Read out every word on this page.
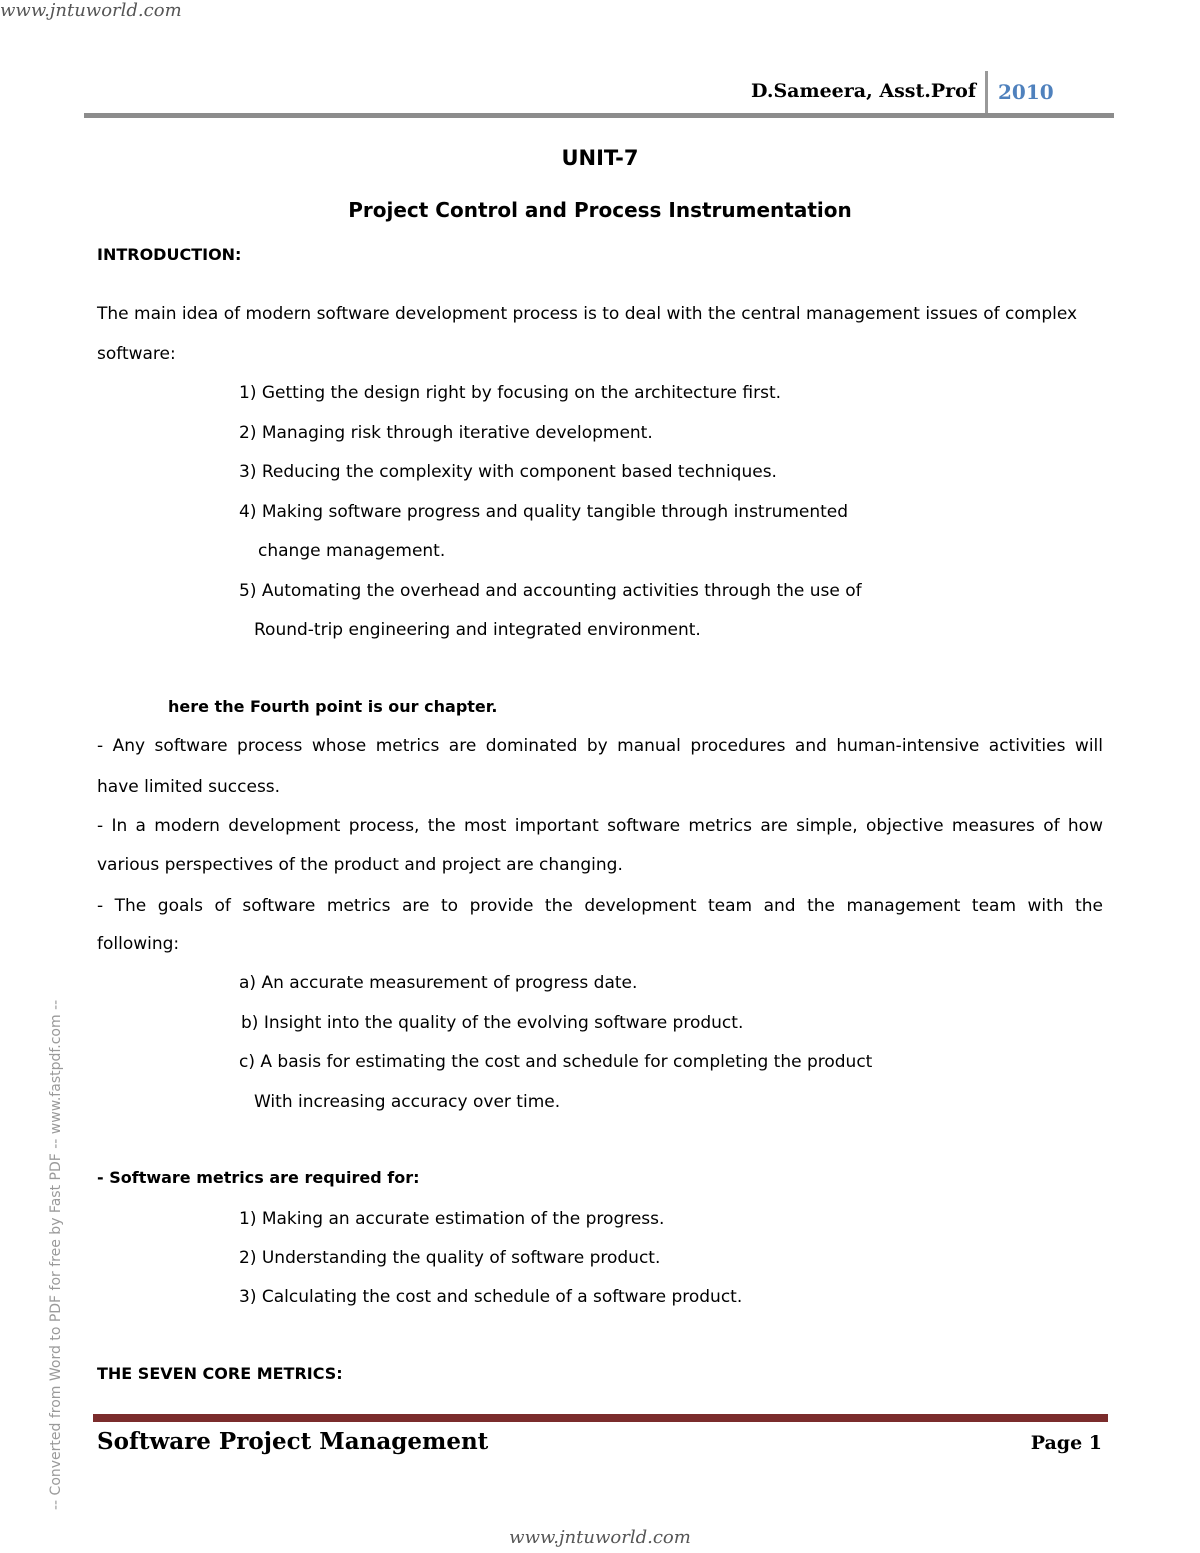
www.jntuworld.com
-- Converted from Word to PDF for free by Fast PDF -- www.fastpdf.com --
D.Sameera, Asst.Prof 2010
UNIT-7
Project Control and Process Instrumentation
INTRODUCTION:
The main idea of modern software development process is to deal with the central management issues of complex
software:
1) Getting the design right by focusing on the architecture first.
2) Managing risk through iterative development.
3) Reducing the complexity with component based techniques.
4) Making software progress and quality tangible through instrumented
change management.
5) Automating the overhead and accounting activities through the use of
Round-trip engineering and integrated environment.
here the Fourth point is our chapter.
- Any software process whose metrics are dominated by manual procedures and human-intensive activities will
have limited success.
- In a modern development process, the most important software metrics are simple, objective measures of how
various perspectives of the product and project are changing.
- The goals of software metrics are to provide the development team and the management team with the
following:
a) An accurate measurement of progress date.
b) Insight into the quality of the evolving software product.
c) A basis for estimating the cost and schedule for completing the product
With increasing accuracy over time.
- Software metrics are required for:
1) Making an accurate estimation of the progress.
2) Understanding the quality of software product.
3) Calculating the cost and schedule of a software product.
THE SEVEN CORE METRICS:
Software Project Management	Page 1
www.jntuworld.com
